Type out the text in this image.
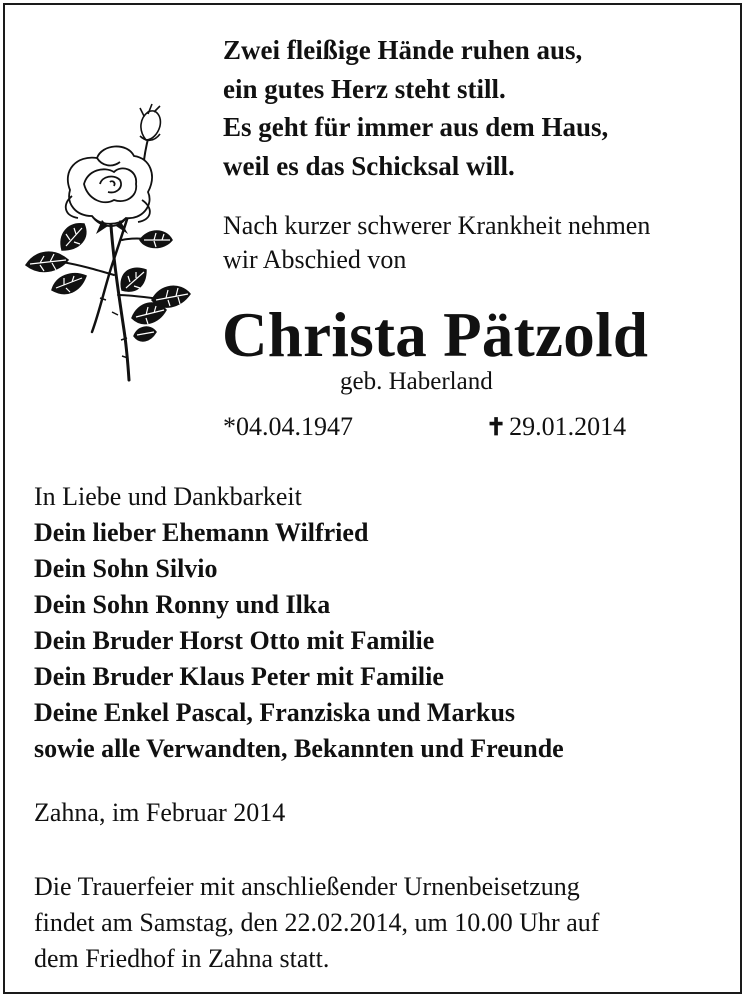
Zwei fleißige Hände ruhen aus,
ein gutes Herz steht still.
Es geht für immer aus dem Haus,
weil es das Schicksal will.
Nach kurzer schwerer Krankheit nehmen
wir Abschied von
Christa Pätzold
geb. Haberland
*04.04.1947	✝ 29.01.2014
In Liebe und Dankbarkeit
Dein lieber Ehemann Wilfried
Dein Sohn Silvio
Dein Sohn Ronny und Ilka
Dein Bruder Horst Otto mit Familie
Dein Bruder Klaus Peter mit Familie
Deine Enkel Pascal, Franziska und Markus
sowie alle Verwandten, Bekannten und Freunde
Zahna, im Februar 2014
Die Trauerfeier mit anschließender Urnenbeisetzung
findet am Samstag, den 22.02.2014, um 10.00 Uhr auf
dem Friedhof in Zahna statt.
